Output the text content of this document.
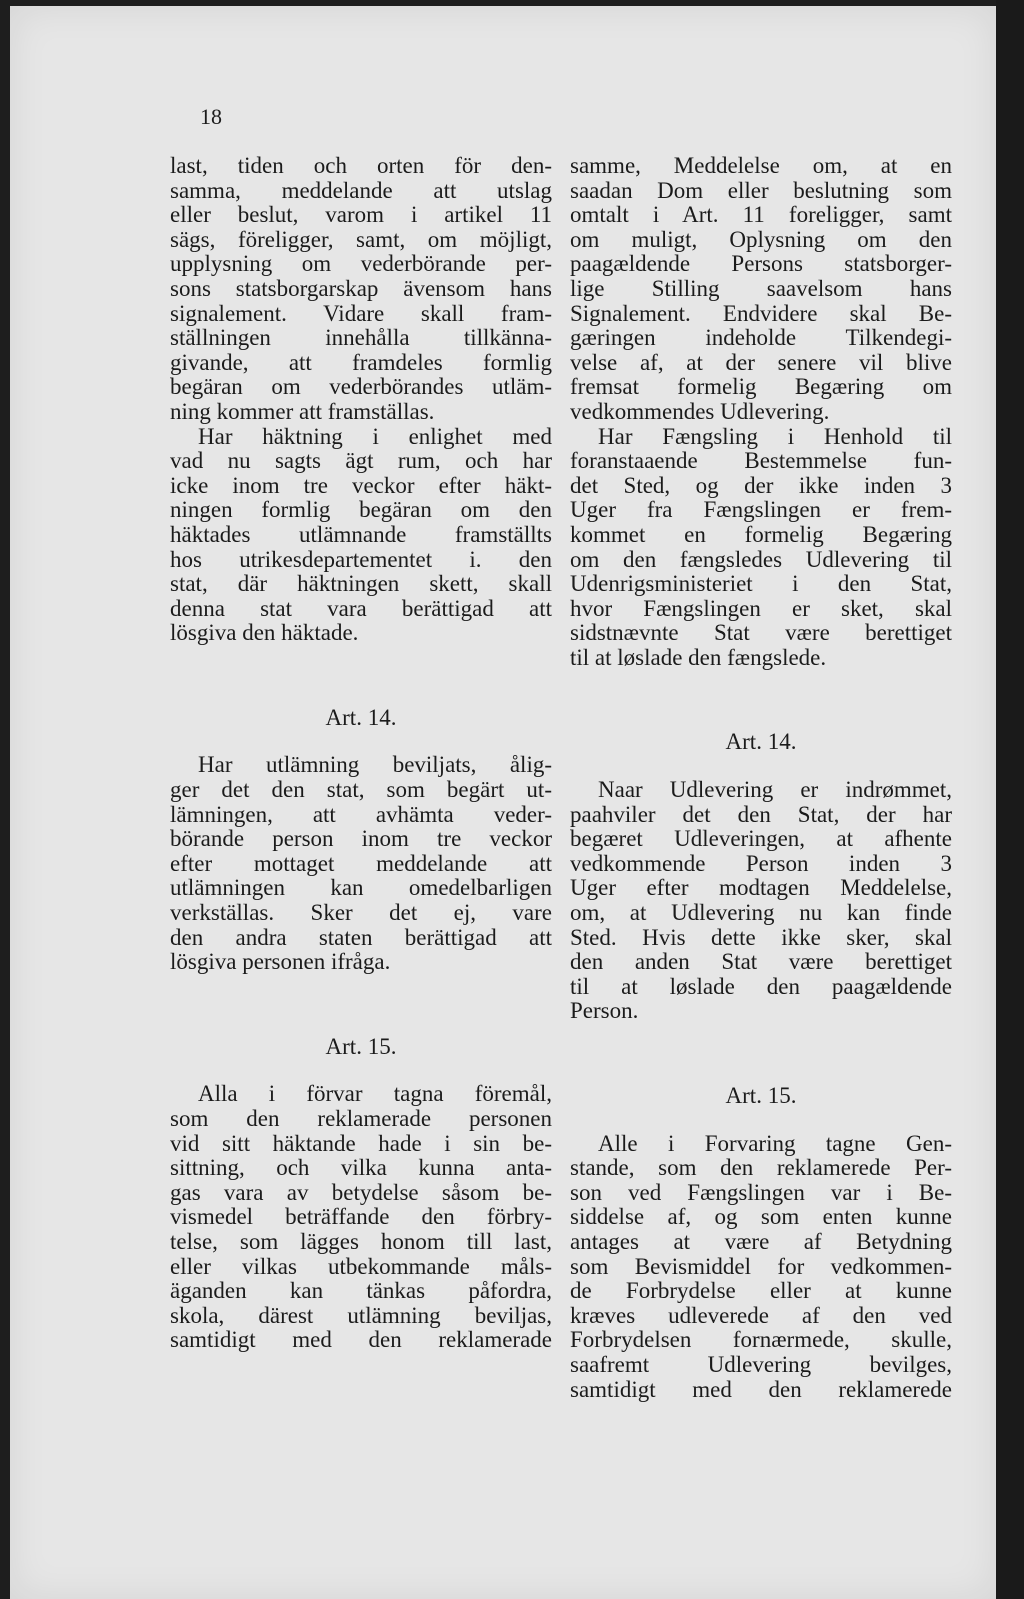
18
last, tiden och orten för den-
samma, meddelande att utslag
eller beslut, varom i artikel 11
sägs, föreligger, samt, om möjligt,
upplysning om vederbörande per-
sons statsborgarskap ävensom hans
signalement. Vidare skall fram-
ställningen innehålla tillkänna-
givande, att framdeles formlig
begäran om vederbörandes utläm-
ning kommer att framställas.
Har häktning i enlighet med
vad nu sagts ägt rum, och har
icke inom tre veckor efter häkt-
ningen formlig begäran om den
häktades utlämnande framställts
hos utrikesdepartementet i. den
stat, där häktningen skett, skall
denna stat vara berättigad att
lösgiva den häktade.
Art. 14.
Har utlämning beviljats, ålig-
ger det den stat, som begärt ut-
lämningen, att avhämta veder-
börande person inom tre veckor
efter mottaget meddelande att
utlämningen kan omedelbarligen
verkställas. Sker det ej, vare
den andra staten berättigad att
lösgiva personen ifråga.
Art. 15.
Alla i förvar tagna föremål,
som den reklamerade personen
vid sitt häktande hade i sin be-
sittning, och vilka kunna anta-
gas vara av betydelse såsom be-
vismedel beträffande den förbry-
telse, som lägges honom till last,
eller vilkas utbekommande måls-
äganden kan tänkas påfordra,
skola, därest utlämning beviljas,
samtidigt med den reklamerade
samme, Meddelelse om, at en
saadan Dom eller beslutning som
omtalt i Art. 11 foreligger, samt
om muligt, Oplysning om den
paagældende Persons statsborger-
lige Stilling saavelsom hans
Signalement. Endvidere skal Be-
gæringen indeholde Tilkendegi-
velse af, at der senere vil blive
fremsat formelig Begæring om
vedkommendes Udlevering.
Har Fængsling i Henhold til
foranstaaende Bestemmelse fun-
det Sted, og der ikke inden 3
Uger fra Fængslingen er frem-
kommet en formelig Begæring
om den fængsledes Udlevering til
Udenrigsministeriet i den Stat,
hvor Fængslingen er sket, skal
sidstnævnte Stat være berettiget
til at løslade den fængslede.
Art. 14.
Naar Udlevering er indrømmet,
paahviler det den Stat, der har
begæret Udleveringen, at afhente
vedkommende Person inden 3
Uger efter modtagen Meddelelse,
om, at Udlevering nu kan finde
Sted. Hvis dette ikke sker, skal
den anden Stat være berettiget
til at løslade den paagældende
Person.
Art. 15.
Alle i Forvaring tagne Gen-
stande, som den reklamerede Per-
son ved Fængslingen var i Be-
siddelse af, og som enten kunne
antages at være af Betydning
som Bevismiddel for vedkommen-
de Forbrydelse eller at kunne
kræves udleverede af den ved
Forbrydelsen fornærmede, skulle,
saafremt Udlevering bevilges,
samtidigt med den reklamerede
